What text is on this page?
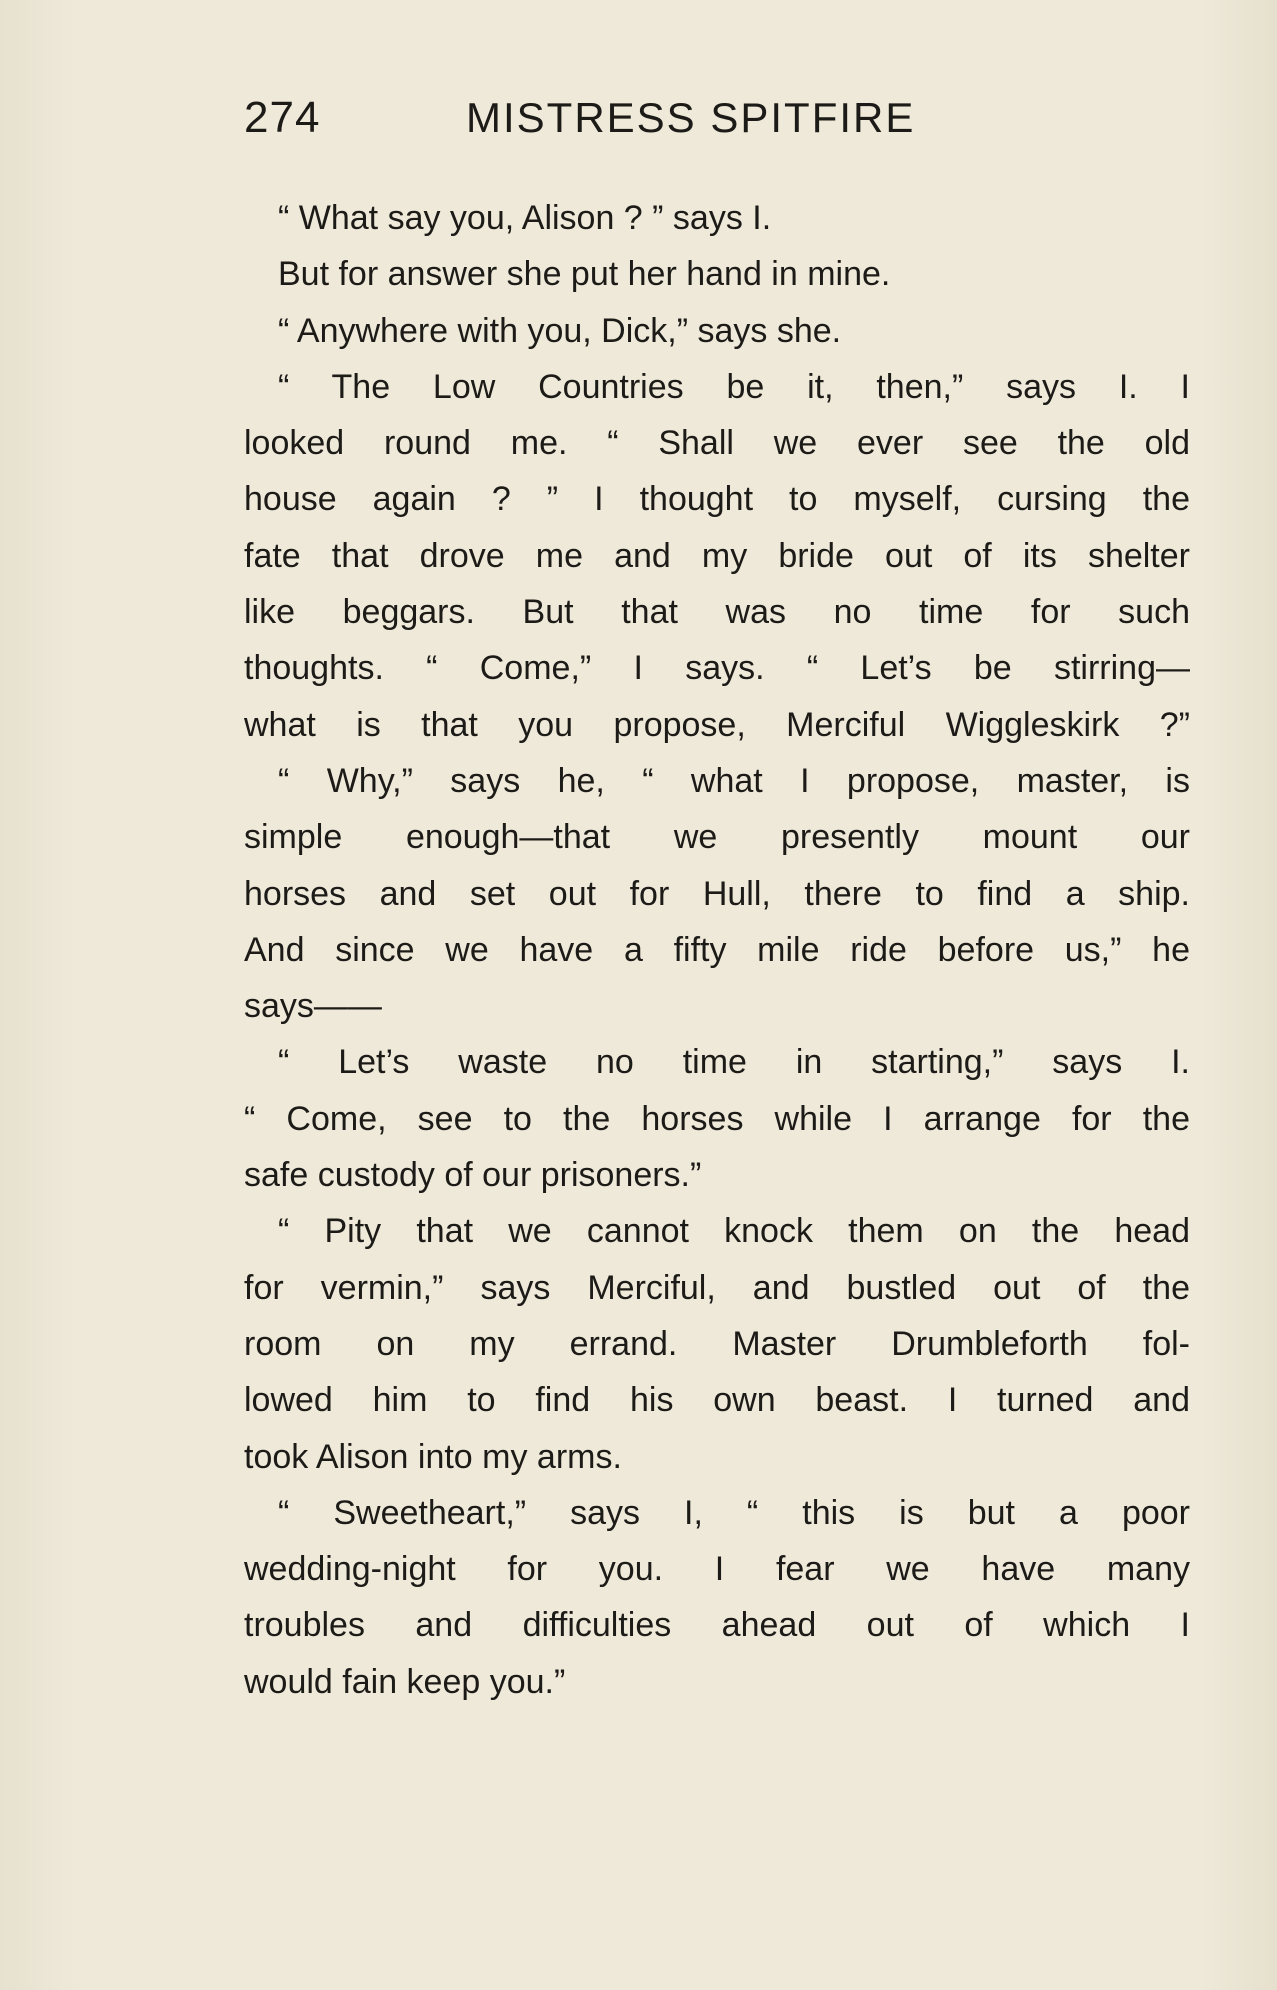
274	MISTRESS SPITFIRE
“ What say you, Alison ? ” says I.
But for answer she put her hand in mine.
“ Anywhere with you, Dick,” says she.
“ The Low Countries be it, then,” says I. I
looked round me. “ Shall we ever see the old
house again ? ” I thought to myself, cursing the
fate that drove me and my bride out of its shelter
like beggars. But that was no time for such
thoughts. “ Come,” I says. “ Let’s be stirring—
what is that you propose, Merciful Wiggleskirk ?”
“ Why,” says he, “ what I propose, master, is
simple enough—that we presently mount our
horses and set out for Hull, there to find a ship.
And since we have a fifty mile ride before us,” he
says——
“ Let’s waste no time in starting,” says I.
“ Come, see to the horses while I arrange for the
safe custody of our prisoners.”
“ Pity that we cannot knock them on the head
for vermin,” says Merciful, and bustled out of the
room on my errand. Master Drumbleforth fol-
lowed him to find his own beast. I turned and
took Alison into my arms.
“ Sweetheart,” says I, “ this is but a poor
wedding-night for you. I fear we have many
troubles and difficulties ahead out of which I
would fain keep you.”
